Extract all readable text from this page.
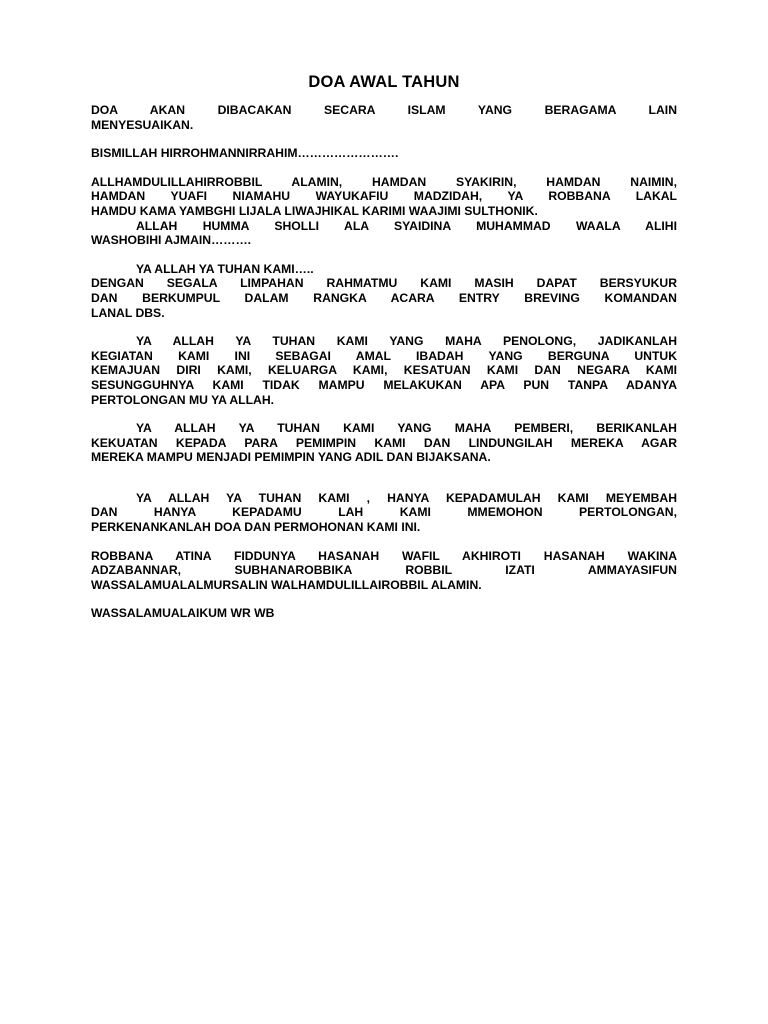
DOA AWAL TAHUN
DOA AKAN DIBACAKAN SECARA ISLAM YANG BERAGAMA LAIN
MENYESUAIKAN.
BISMILLAH HIRROHMANNIRRAHIM…………………….
ALLHAMDULILLAHIRROBBIL ALAMIN, HAMDAN SYAKIRIN, HAMDAN NAIMIN,
HAMDAN YUAFI NIAMAHU WAYUKAFIU MADZIDAH, YA ROBBANA LAKAL
HAMDU KAMA YAMBGHI LIJALA LIWAJHIKAL KARIMI WAAJIMI SULTHONIK.
ALLAH HUMMA SHOLLI ALA SYAIDINA MUHAMMAD WAALA ALIHI
WASHOBIHI AJMAIN……….
YA ALLAH YA TUHAN KAMI…..
DENGAN SEGALA LIMPAHAN RAHMATMU KAMI MASIH DAPAT BERSYUKUR
DAN BERKUMPUL DALAM RANGKA ACARA ENTRY BREVING KOMANDAN
LANAL DBS.
YA ALLAH YA TUHAN KAMI YANG MAHA PENOLONG, JADIKANLAH
KEGIATAN KAMI INI SEBAGAI AMAL IBADAH YANG BERGUNA UNTUK
KEMAJUAN DIRI KAMI, KELUARGA KAMI, KESATUAN KAMI DAN NEGARA KAMI
SESUNGGUHNYA KAMI TIDAK MAMPU MELAKUKAN APA PUN TANPA ADANYA
PERTOLONGAN MU YA ALLAH.
YA ALLAH YA TUHAN KAMI YANG MAHA PEMBERI, BERIKANLAH
KEKUATAN KEPADA PARA PEMIMPIN KAMI DAN LINDUNGILAH MEREKA AGAR
MEREKA MAMPU MENJADI PEMIMPIN YANG ADIL DAN BIJAKSANA.
YA ALLAH YA TUHAN KAMI , HANYA KEPADAMULAH KAMI MEYEMBAH
DAN HANYA KEPADAMU LAH KAMI MMEMOHON PERTOLONGAN,
PERKENANKANLAH DOA DAN PERMOHONAN KAMI INI.
ROBBANA ATINA FIDDUNYA HASANAH WAFIL AKHIROTI HASANAH WAKINA
ADZABANNAR, SUBHANAROBBIKA ROBBIL IZATI AMMAYASIFUN
WASSALAMUALALMURSALIN WALHAMDULILLAIROBBIL ALAMIN.
WASSALAMUALAIKUM WR WB
